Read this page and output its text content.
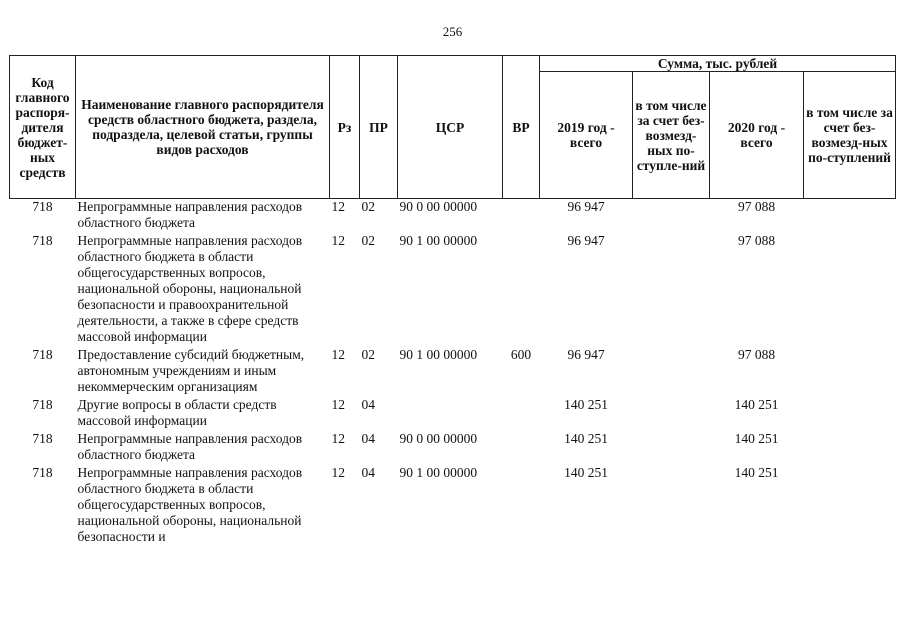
256
Код главного распоря-дителя бюджет-ных средств	Наименование главного распорядителя средств областного бюджета, раздела, подраздела, целевой статьи, группы видов расходов	Рз	ПР	ЦСР	ВР	Сумма, тыс. рублей			
						2019 год - всего	в том числе за счет без-возмезд-ных по-ступле-ний	2020 год - всего	в том числе за счет без-возмезд-ных по-ступлений
718	Непрограммные направления расходов областного бюджета	12	02	90 0 00 00000		96 947		97 088	
718	Непрограммные направления расходов областного бюджета в области общегосударственных вопросов, национальной обороны, национальной безопасности и правоохранительной деятельности, а также в сфере средств массовой информации	12	02	90 1 00 00000		96 947		97 088	
718	Предоставление субсидий бюджетным, автономным учреждениям и иным некоммерческим организациям	12	02	90 1 00 00000	600	96 947		97 088	
718	Другие вопросы в области средств массовой информации	12	04			140 251		140 251	
718	Непрограммные направления расходов областного бюджета	12	04	90 0 00 00000		140 251		140 251	
718	Непрограммные направления расходов областного бюджета в области общегосударственных вопросов, национальной обороны, национальной безопасности и	12	04	90 1 00 00000		140 251		140 251	
